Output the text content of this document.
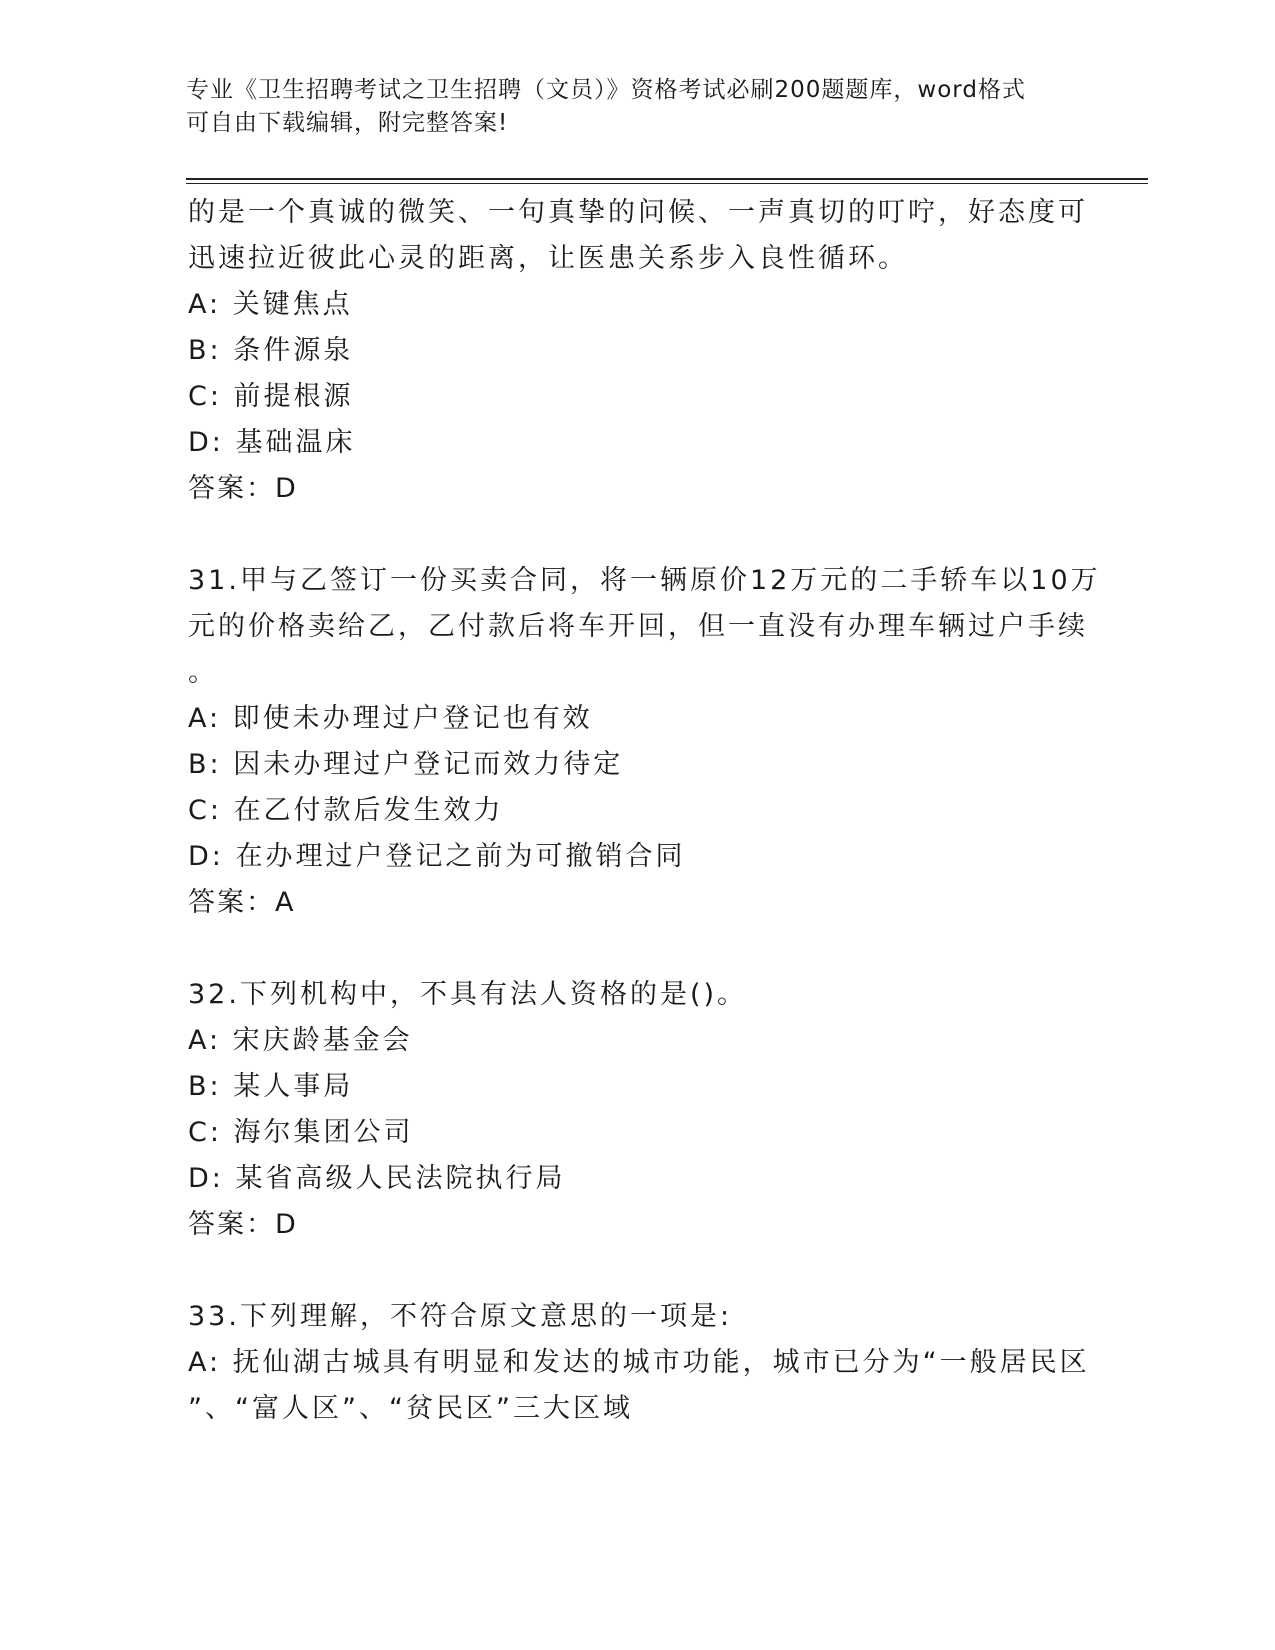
专业《卫生招聘考试之卫生招聘（文员）》资格考试必刷200题题库，word格式
可自由下载编辑，附完整答案!
的是一个真诚的微笑、一句真挚的问候、一声真切的叮咛，好态度可
迅速拉近彼此心灵的距离，让医患关系步入良性循环。
A: 关键焦点
B: 条件源泉
C: 前提根源
D: 基础温床
答案：D
31.甲与乙签订一份买卖合同，将一辆原价12万元的二手轿车以10万
元的价格卖给乙，乙付款后将车开回，但一直没有办理车辆过户手续
。
A: 即使未办理过户登记也有效
B: 因未办理过户登记而效力待定
C: 在乙付款后发生效力
D: 在办理过户登记之前为可撤销合同
答案：A
32.下列机构中，不具有法人资格的是()。
A: 宋庆龄基金会
B: 某人事局
C: 海尔集团公司
D: 某省高级人民法院执行局
答案：D
33.下列理解，不符合原文意思的一项是:
A: 抚仙湖古城具有明显和发达的城市功能，城市已分为“一般居民区
”、“富人区”、“贫民区”三大区域
